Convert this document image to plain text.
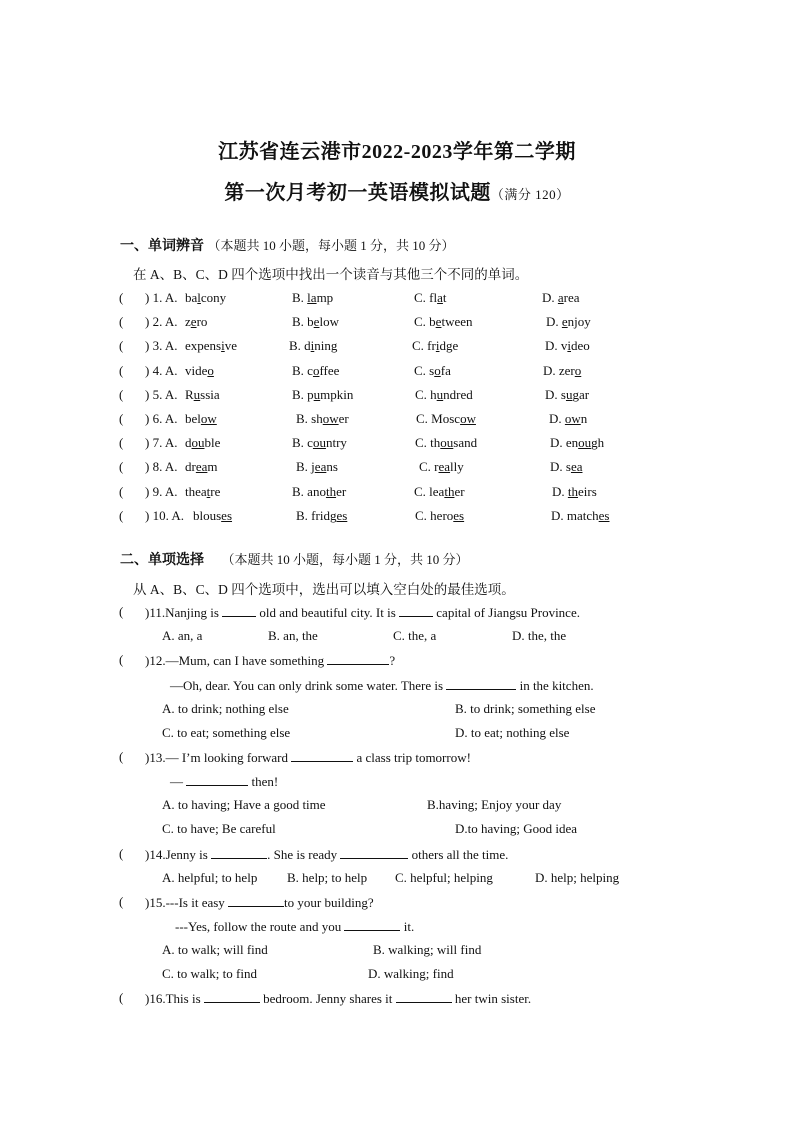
江苏省连云港市2022-2023学年第二学期
第一次月考初一英语模拟试题（满分 120）
一、单词辨音 （本题共 10 小题，每小题 1 分，共 10 分）
在 A、B、C、D 四个选项中找出一个读音与其他三个不同的单词。
( ) 1. A. balcony	B. lamp	C. flat	D. area
( ) 2. A. zero	B. below	C. between	D. enjoy
( ) 3. A. expensive	B. dining	C. fridge	D. video
( ) 4. A. video	B. coffee	C. sofa	D. zero
( ) 5. A. Russia	B. pumpkin	C. hundred	D. sugar
( ) 6. A. below	B. shower	C. Moscow	D. own
( ) 7. A. double	B. country	C. thousand	D. enough
( ) 8. A. dream	B. jeans	C. really	D. sea
( ) 9. A. theatre	B. another	C. leather	D. theirs
( ) 10. A. blouses	B. fridges	C. heroes	D. matches
二、单项选择 （本题共 10 小题，每小题 1 分，共 10 分）
从 A、B、C、D 四个选项中，选出可以填入空白处的最佳选项。
( )11.Nanjing is	old and beautiful city. It is	capital of Jiangsu Province.
A. an, a	B. an, the	C. the, a	D. the, the
( )12.—Mum, can I have something	?
—Oh, dear. You can only drink some water. There is	in the kitchen.
A. to drink; nothing else	B. to drink; something else
C. to eat; something else	D. to eat; nothing else
( )13.— I’m looking forward	a class trip tomorrow!
—	then!
A. to having; Have a good time	B.having; Enjoy your day
C. to have; Be careful	D.to having; Good idea
( )14.Jenny is	. She is ready	others all the time.
A. helpful; to help B. help; to help C. helpful; helping	D. help; helping
( )15.---Is it easy	to your building?
---Yes, follow the route and you	it.
A. to walk; will find	B. walking; will find
C. to walk; to find	D. walking; find
( )16.This is	bedroom. Jenny shares it	her twin sister.
